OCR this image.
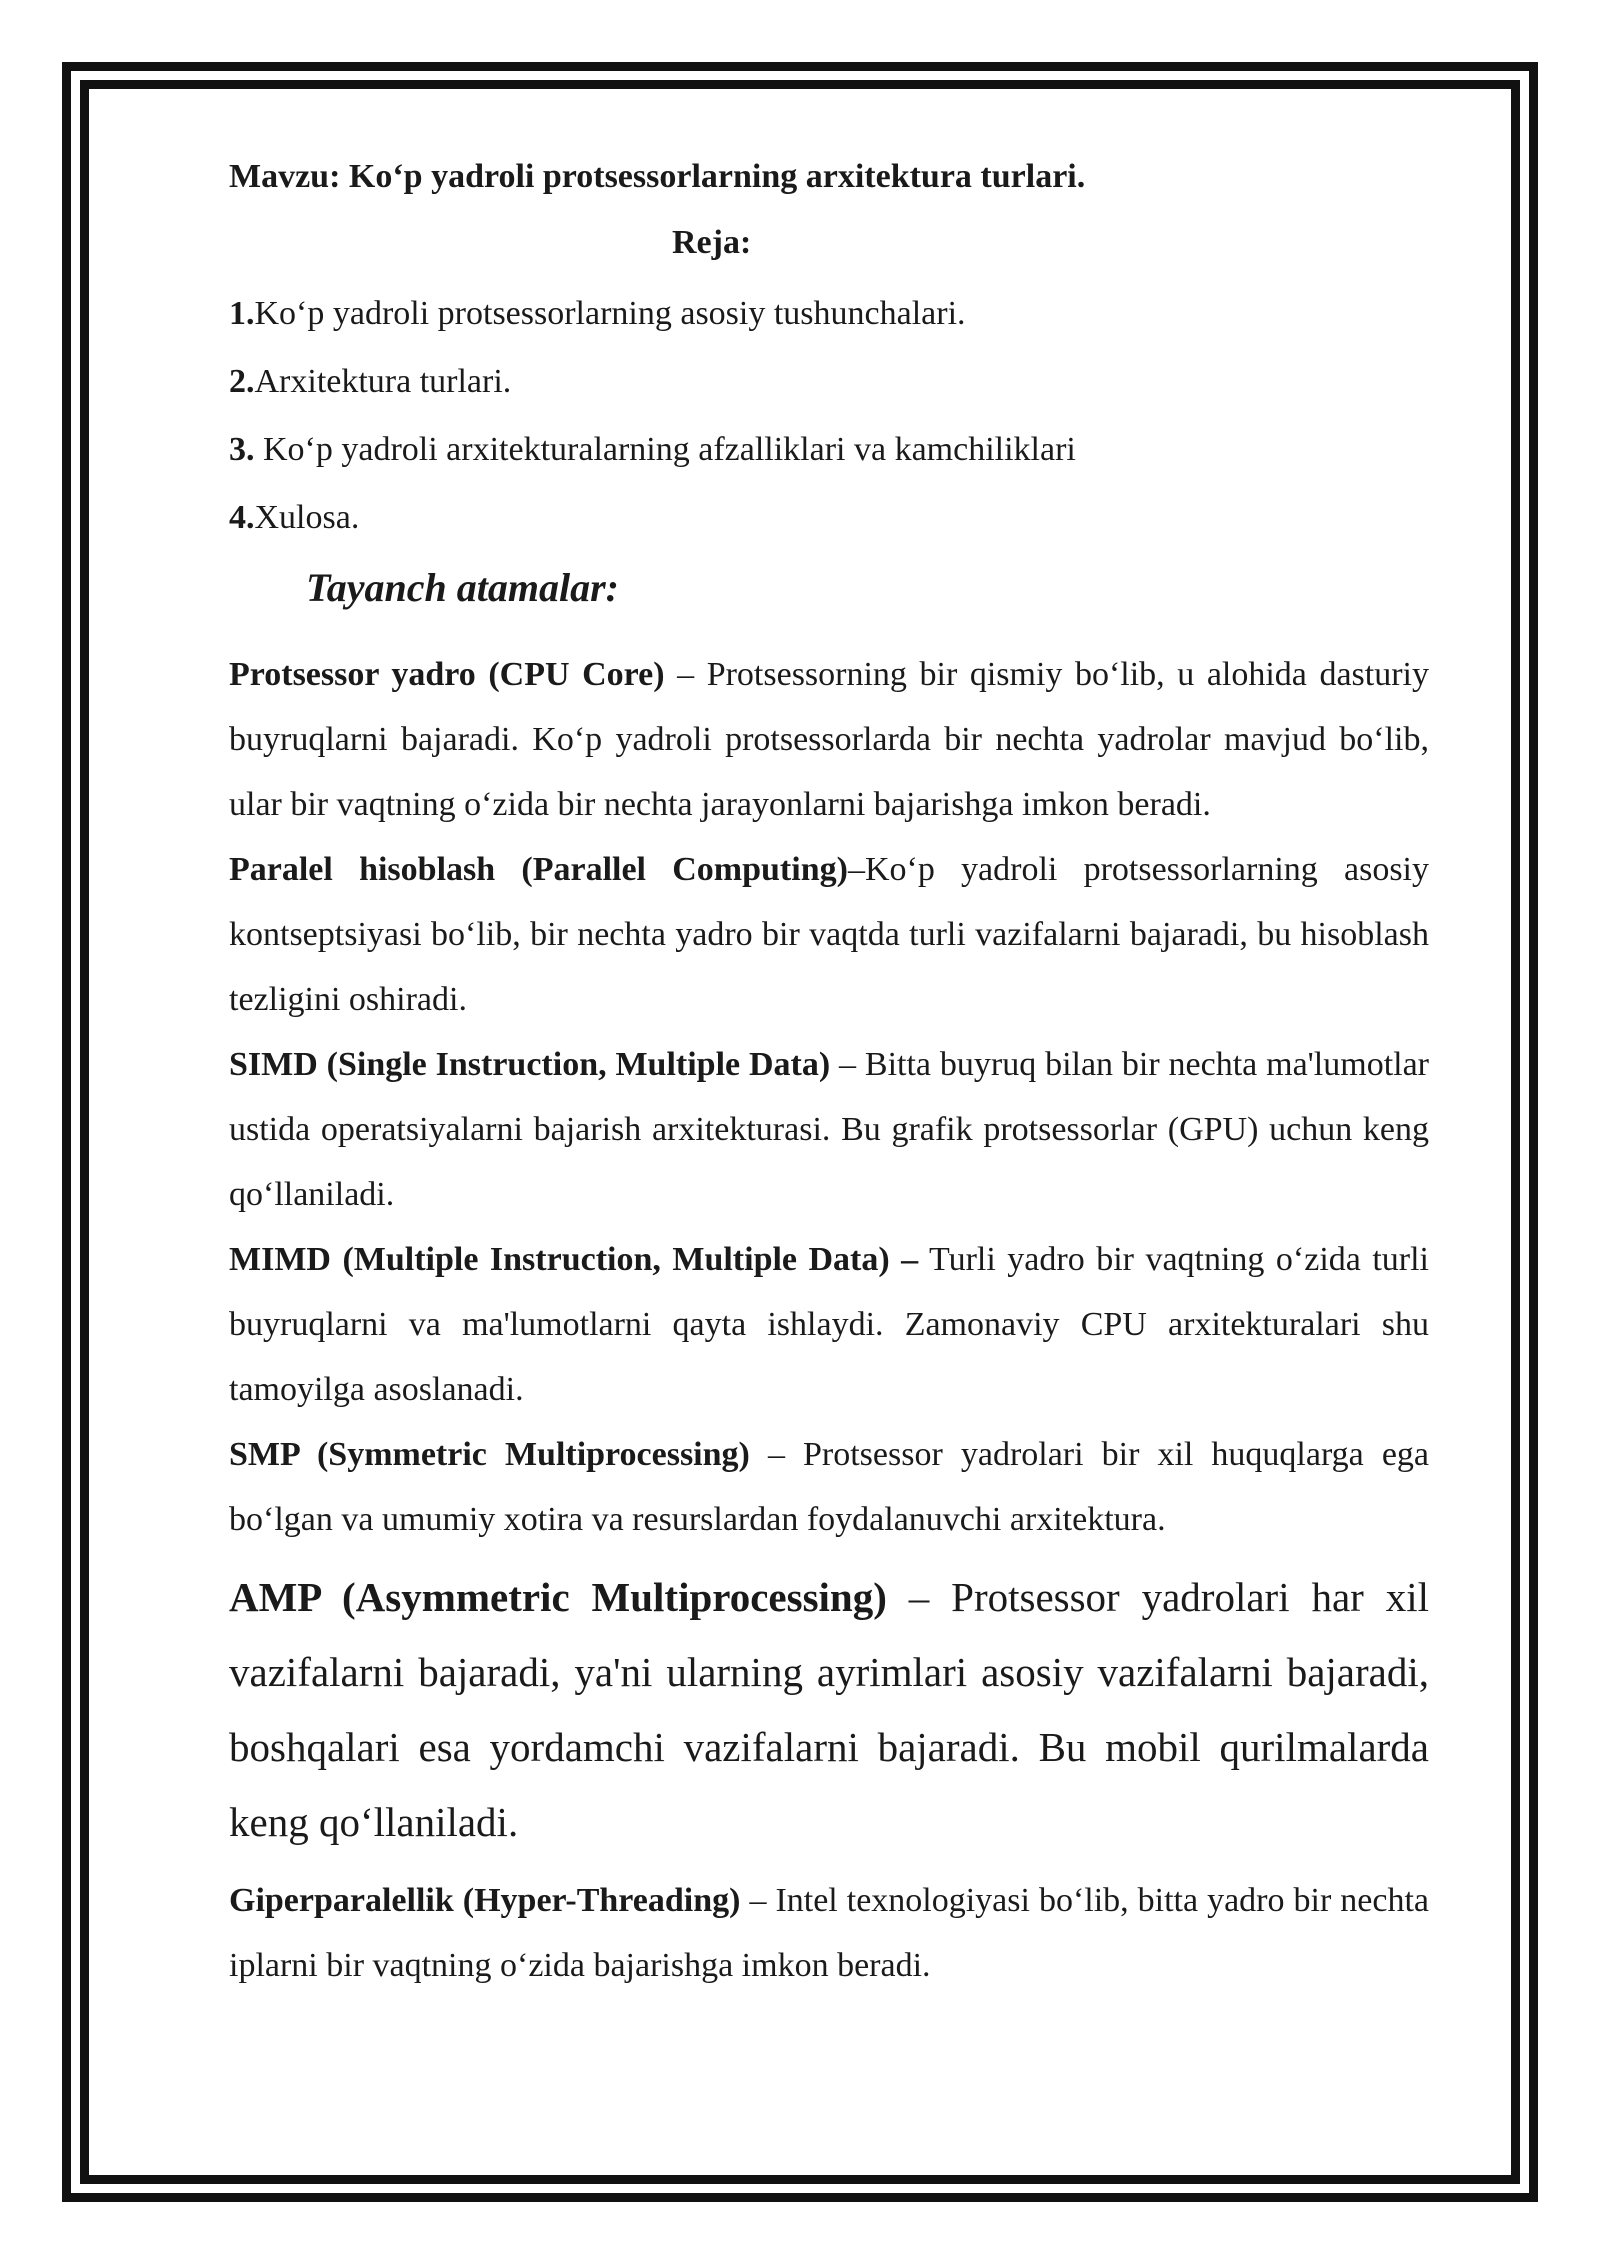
Mavzu: Koʻp yadroli protsessorlarning arxitektura turlari.

Reja:

1.Koʻp yadroli protsessorlarning asosiy tushunchalari.
2.Arxitektura turlari.
3. Koʻp yadroli arxitekturalarning afzalliklari va kamchiliklari
4.Xulosa.

Tayanch atamalar:

Protsessor yadro (CPU Core) – Protsessorning bir qismiy boʻlib, u alohida dasturiy buyruqlarni bajaradi. Koʻp yadroli protsessorlarda bir nechta yadrolar mavjud boʻlib, ular bir vaqtning oʻzida bir nechta jarayonlarni bajarishga imkon beradi.

Paralel hisoblash (Parallel Computing)–Koʻp yadroli protsessorlarning asosiy kontseptsiyasi boʻlib, bir nechta yadro bir vaqtda turli vazifalarni bajaradi, bu hisoblash tezligini oshiradi.

SIMD (Single Instruction, Multiple Data) – Bitta buyruq bilan bir nechta ma'lumotlar ustida operatsiyalarni bajarish arxitekturasi. Bu grafik protsessorlar (GPU) uchun keng qoʻllaniladi.

MIMD (Multiple Instruction, Multiple Data) – Turli yadro bir vaqtning oʻzida turli buyruqlarni va ma'lumotlarni qayta ishlaydi. Zamonaviy CPU arxitekturalari shu tamoyilga asoslanadi.

SMP (Symmetric Multiprocessing) – Protsessor yadrolari bir xil huquqlarga ega boʻlgan va umumiy xotira va resurslardan foydalanuvchi arxitektura.

AMP (Asymmetric Multiprocessing) – Protsessor yadrolari har xil vazifalarni bajaradi, ya'ni ularning ayrimlari asosiy vazifalarni bajaradi, boshqalari esa yordamchi vazifalarni bajaradi. Bu mobil qurilmalarda keng qoʻllaniladi.

Giperparalellik (Hyper-Threading) – Intel texnologiyasi boʻlib, bitta yadro bir nechta iplarni bir vaqtning oʻzida bajarishga imkon beradi.
